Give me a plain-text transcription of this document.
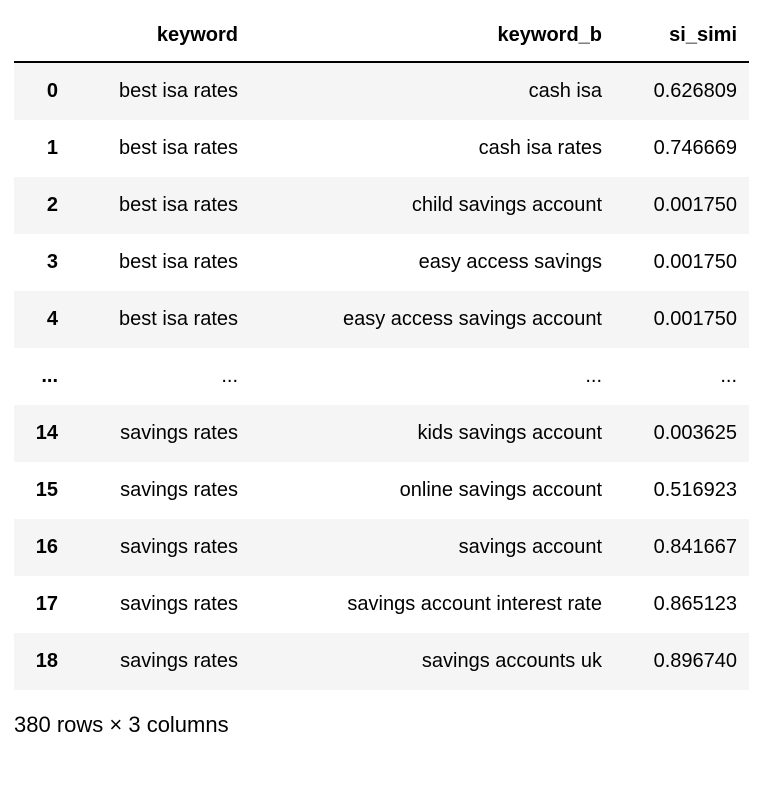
	keyword	keyword_b	si_simi
0	best isa rates	cash isa	0.626809
1	best isa rates	cash isa rates	0.746669
2	best isa rates	child savings account	0.001750
3	best isa rates	easy access savings	0.001750
4	best isa rates	easy access savings account	0.001750
...	...	...	...
14	savings rates	kids savings account	0.003625
15	savings rates	online savings account	0.516923
16	savings rates	savings account	0.841667
17	savings rates	savings account interest rate	0.865123
18	savings rates	savings accounts uk	0.896740

380 rows × 3 columns
